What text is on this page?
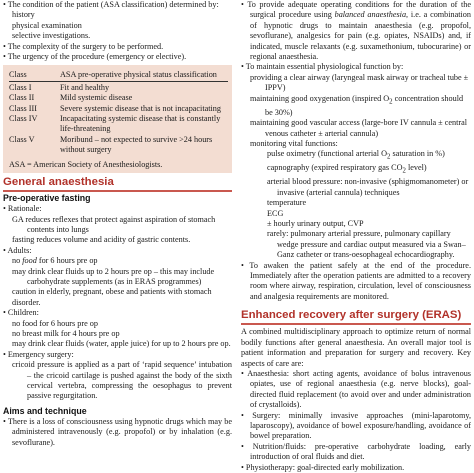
• The condition of the patient (ASA classification) determined by:

history

physical examination

selective investigations.

• The complexity of the surgery to be performed.

• The urgency of the procedure (emergency or elective).

Class	ASA pre-operative physical status classification

Class I	Fit and healthy
Class II	Mild systemic disease
Class III	Severe systemic disease that is not incapacitating
Class IV	Incapacitating systemic disease that is constantly life-threatening
Class V	Moribund – not expected to survive >24 hours without surgery

ASA = American Society of Anesthesiologists.

General anaesthesia
Pre-operative fasting

• Rationale:

GA reduces reflexes that protect against aspiration of stomach contents into lungs

fasting reduces volume and acidity of gastric contents.

• Adults:

no food for 6 hours pre op

may drink clear fluids up to 2 hours pre op – this may include carbohydrate supplements (as in ERAS programmes)

caution in elderly, pregnant, obese and patients with stomach disorder.

• Children:

no food for 6 hours pre op

no breast milk for 4 hours pre op

may drink clear fluids (water, apple juice) for up to 2 hours pre op.

• Emergency surgery:

cricoid pressure is applied as a part of ‘rapid sequence’ intubation – the cricoid cartilage is pushed against the body of the sixth cervical vertebra, compressing the oesophagus to prevent passive regurgitation.

Aims and technique

• There is a loss of consciousness using hypnotic drugs which may be administered intravenously (e.g. propofol) or by inhalation (e.g. sevoflurane).

• To provide adequate operating conditions for the duration of the surgical procedure using balanced anaesthesia, i.e. a combination of hypnotic drugs to maintain anaesthesia (e.g. propofol, sevoflurane), analgesics for pain (e.g. opiates, NSAIDs) and, if indicated, muscle relaxants (e.g. suxamethonium, tubocurarine) or regional anaesthesia.

• To maintain essential physiological function by:

providing a clear airway (laryngeal mask airway or tracheal tube ± IPPV)

maintaining good oxygenation (inspired $O_2$ concentration should be 30%)

maintaining good vascular access (large-bore IV cannula ± central venous catheter ± arterial cannula)

monitoring vital functions:

pulse oximetry (functional arterial $O_2$ saturation in %)

capnography (expired respiratory gas $CO_2$ level)

arterial blood pressure: non-invasive (sphigmomanometer) or invasive (arterial cannula) techniques

temperature

ECG

± hourly urinary output, CVP

rarely: pulmonary arterial pressure, pulmonary capillary wedge pressure and cardiac output measured via a Swan–Ganz catheter or trans-oesophageal echocardiography.

• To awaken the patient safely at the end of the procedure. Immediately after the operation patients are admitted to a recovery room where airway, respiration, circulation, level of consciousness and analgesia requirements are monitored.

Enhanced recovery after surgery (ERAS)

A combined multidisciplinary approach to optimize return of normal bodily functions after general anaesthesia. An overall major tool is patient information and preparation for surgery and recovery. Key aspects of care are:

• Anaesthesia: short acting agents, avoidance of bolus intravenous opiates, use of regional anaesthesia (e.g. nerve blocks), goal-directed fluid replacement (to avoid over and under administration of crystalloids).

• Surgery: minimally invasive approaches (mini-laparotomy, laparoscopy), avoidance of bowel exposure/handling, avoidance of bowel preparation.

• Nutrition/fluids: pre-operative carbohydrate loading, early introduction of oral fluids and diet.

• Physiotherapy: goal-directed early mobilization.
